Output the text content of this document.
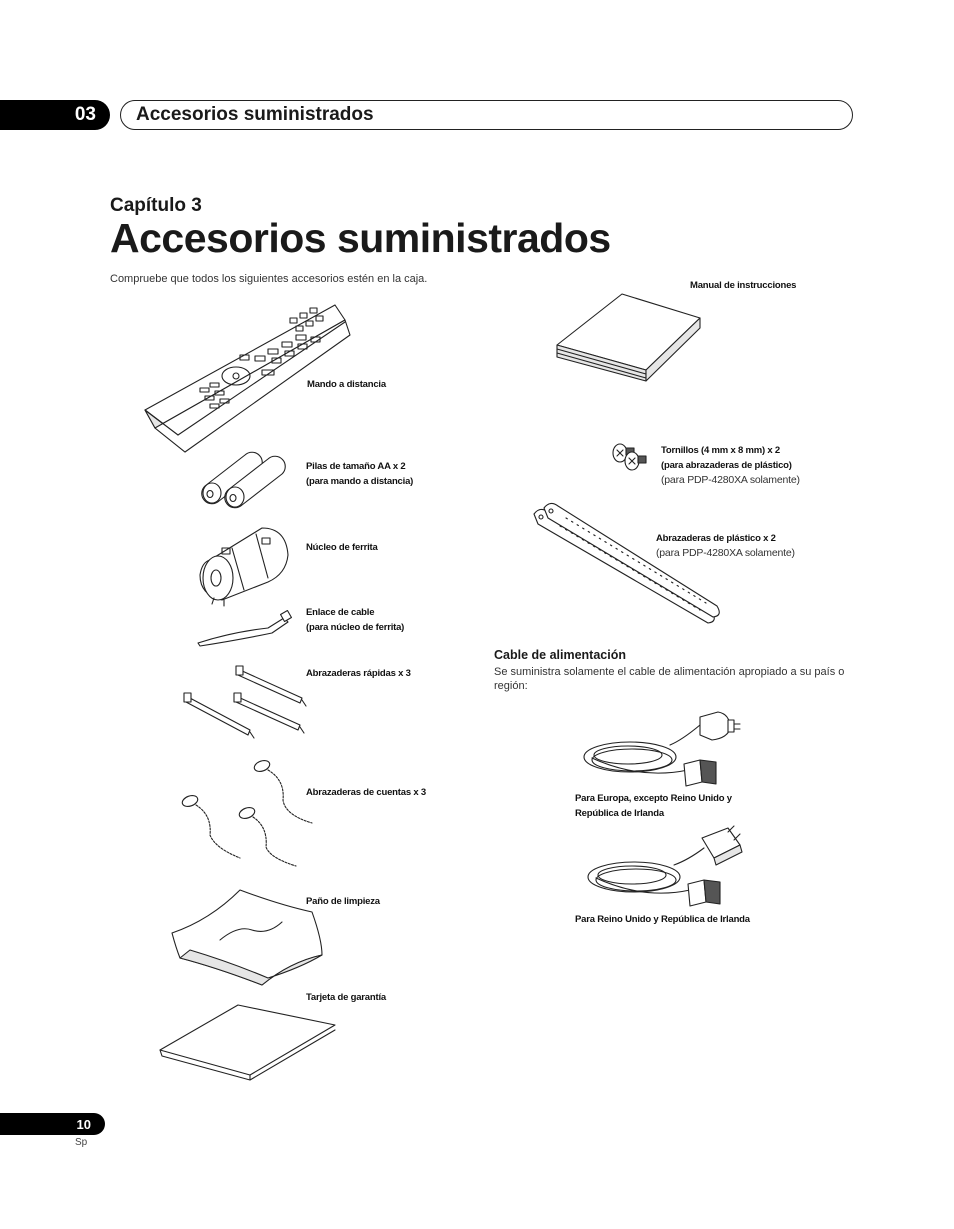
03	Accesorios suministrados
Capítulo 3
Accesorios suministrados
Compruebe que todos los siguientes accesorios estén en la caja.
Mando a distancia
Pilas de tamaño AA x 2
(para mando a distancia)
Núcleo de ferrita
Enlace de cable
(para núcleo de ferrita)
Abrazaderas rápidas x 3
Abrazaderas de cuentas x 3
Paño de limpieza
Tarjeta de garantía
Manual de instrucciones
Tornillos (4 mm x 8 mm) x 2
(para abrazaderas de plástico)
(para PDP-4280XA solamente)
Abrazaderas de plástico x 2
(para PDP-4280XA solamente)
Cable de alimentación
Se suministra solamente el cable de alimentación apropiado a su país o región:
Para Europa, excepto Reino Unido y
República de Irlanda
Para Reino Unido y República de Irlanda
10
Sp
